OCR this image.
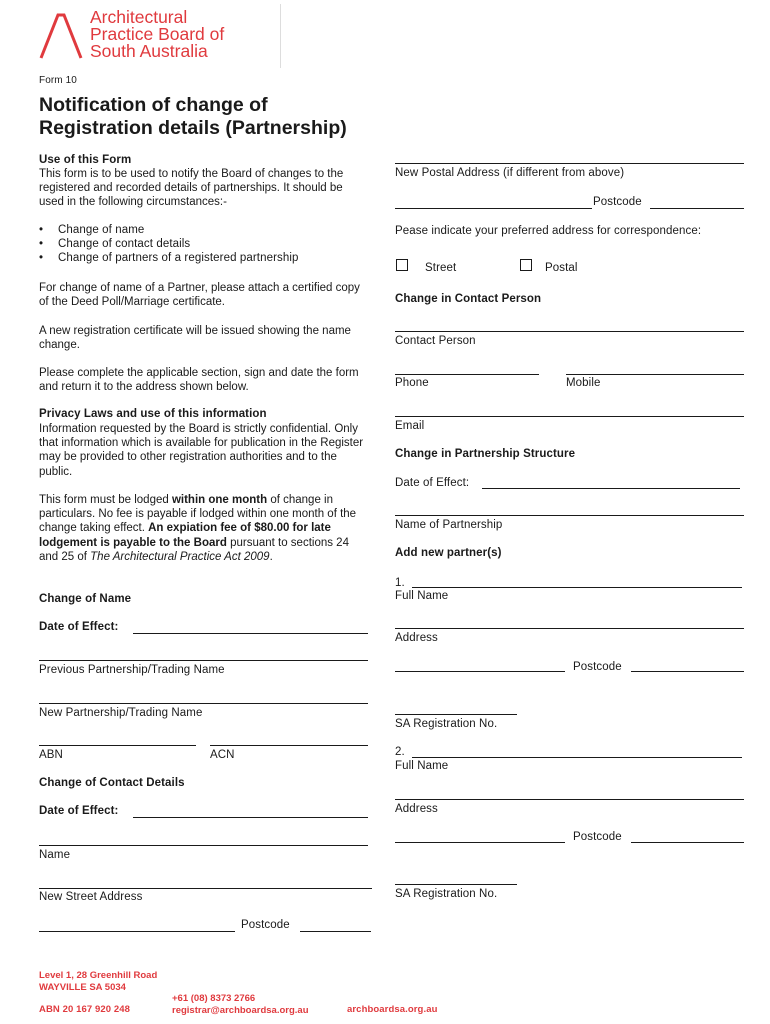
Architectural
Practice Board of
South Australia
Form 10
Notification of change of
Registration details (Partnership)
Use of this Form
This form is to be used to notify the Board of changes to the registered and recorded details of partnerships. It should be used in the following circumstances:-
• Change of name
• Change of contact details
• Change of partners of a registered partnership
For change of name of a Partner, please attach a certified copy of the Deed Poll/Marriage certificate.
A new registration certificate will be issued showing the name change.
Please complete the applicable section, sign and date the form and return it to the address shown below.
Privacy Laws and use of this information
Information requested by the Board is strictly confidential. Only that information which is available for publication in the Register may be provided to other registration authorities and to the public.
This form must be lodged within one month of change in particulars. No fee is payable if lodged within one month of the change taking effect. An expiation fee of $80.00 for late lodgement is payable to the Board pursuant to sections 24 and 25 of The Architectural Practice Act 2009.
Change of Name
Date of Effect:
Previous Partnership/Trading Name
New Partnership/Trading Name
ABN	ACN
Change of Contact Details
Date of Effect:
Name
New Street Address
Postcode
New Postal Address (if different from above)
Postcode
Pease indicate your preferred address for correspondence:
Street	Postal
Change in Contact Person
Contact Person
Phone	Mobile
Email
Change in Partnership Structure
Date of Effect:
Name of Partnership
Add new partner(s)
1.
Full Name
Address
Postcode
SA Registration No.
2.
Full Name
Address
Postcode
SA Registration No.
Level 1, 28 Greenhill Road
WAYVILLE SA 5034
ABN 20 167 920 248
+61 (08) 8373 2766
registrar@archboardsa.org.au	archboardsa.org.au
